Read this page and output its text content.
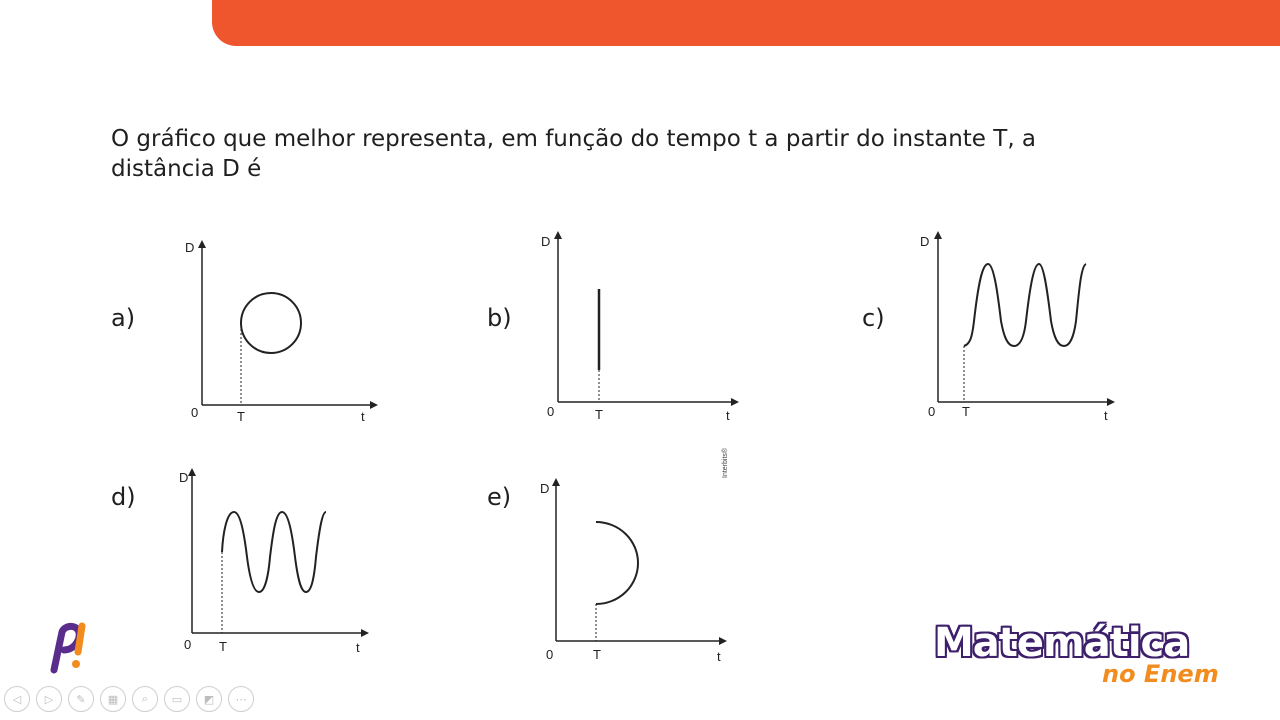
O gráfico que melhor representa, em função do tempo t a partir do instante T, a distância D é
a)	b)	c)
d)	e)
D
t
0	T
D
t
0	T
D
t
0 T
D
t
0 T
D
t
0	T
Interbits®
Matemática
no Enem
◁	▷	✎	▦	⌕	▭	◩	⋯
